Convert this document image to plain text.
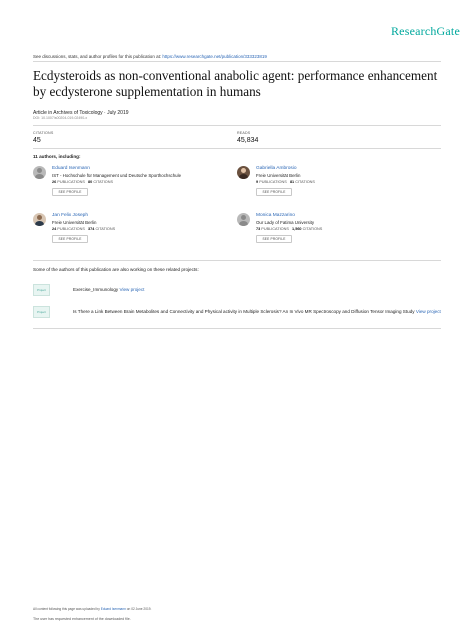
ResearchGate
See discussions, stats, and author profiles for this publication at: https://www.researchgate.net/publication/333323819
Ecdysteroids as non-conventional anabolic agent: performance enhancement by ecdysterone supplementation in humans
Article in Archives of Toxicology · July 2019
DOI: 10.1007/s00204-019-02490-x
CITATIONS
45
READS
45,834
11 authors, including:
Eduard Isenmann
IST - Hochschule für Management und Deutsche Sporthochschule
26 PUBLICATIONS 80 CITATIONS
SEE PROFILE
Gabriella Ambrosio
Freie Universität Berlin
9 PUBLICATIONS 81 CITATIONS
SEE PROFILE
Jan Felix Joseph
Freie Universität Berlin
24 PUBLICATIONS 374 CITATIONS
SEE PROFILE
Monica Mazzarino
Our Lady of Fatima University
73 PUBLICATIONS 1,560 CITATIONS
SEE PROFILE
Some of the authors of this publication are also working on these related projects:
Project	Exercise_Immunology View project
Project	Is There a Link Between Brain Metabolites and Connectivity and Physical activity in Multiple Sclerosis? An In Vivo MR Spectroscopy and Diffusion Tensor Imaging Study View project
All content following this page was uploaded by Eduard Isenmann on 02 June 2019.
The user has requested enhancement of the downloaded file.
